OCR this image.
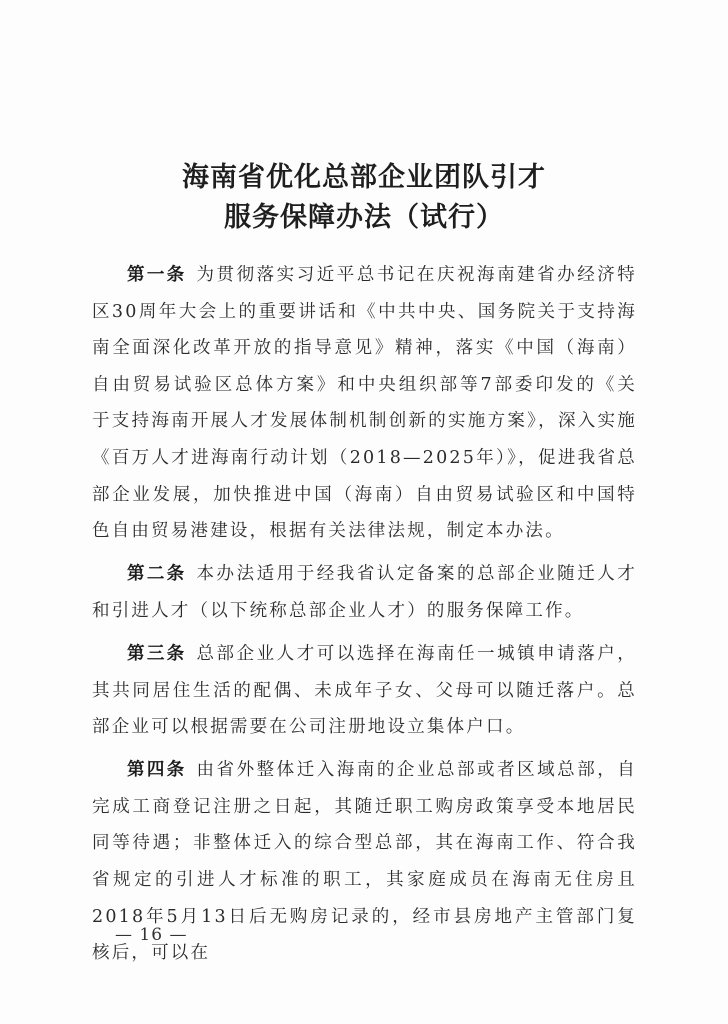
海南省优化总部企业团队引才
服务保障办法（试行）

第一条 为贯彻落实习近平总书记在庆祝海南建省办经济特区30周年大会上的重要讲话和《中共中央、国务院关于支持海南全面深化改革开放的指导意见》精神，落实《中国（海南）自由贸易试验区总体方案》和中央组织部等7部委印发的《关于支持海南开展人才发展体制机制创新的实施方案》，深入实施《百万人才进海南行动计划（2018—2025年）》，促进我省总部企业发展，加快推进中国（海南）自由贸易试验区和中国特色自由贸易港建设，根据有关法律法规，制定本办法。

第二条 本办法适用于经我省认定备案的总部企业随迁人才和引进人才（以下统称总部企业人才）的服务保障工作。

第三条 总部企业人才可以选择在海南任一城镇申请落户，其共同居住生活的配偶、未成年子女、父母可以随迁落户。总部企业可以根据需要在公司注册地设立集体户口。

第四条 由省外整体迁入海南的企业总部或者区域总部，自完成工商登记注册之日起，其随迁职工购房政策享受本地居民同等待遇；非整体迁入的综合型总部，其在海南工作、符合我省规定的引进人才标准的职工，其家庭成员在海南无住房且2018年5月13日后无购房记录的，经市县房地产主管部门复核后，可以在

— 16 —
